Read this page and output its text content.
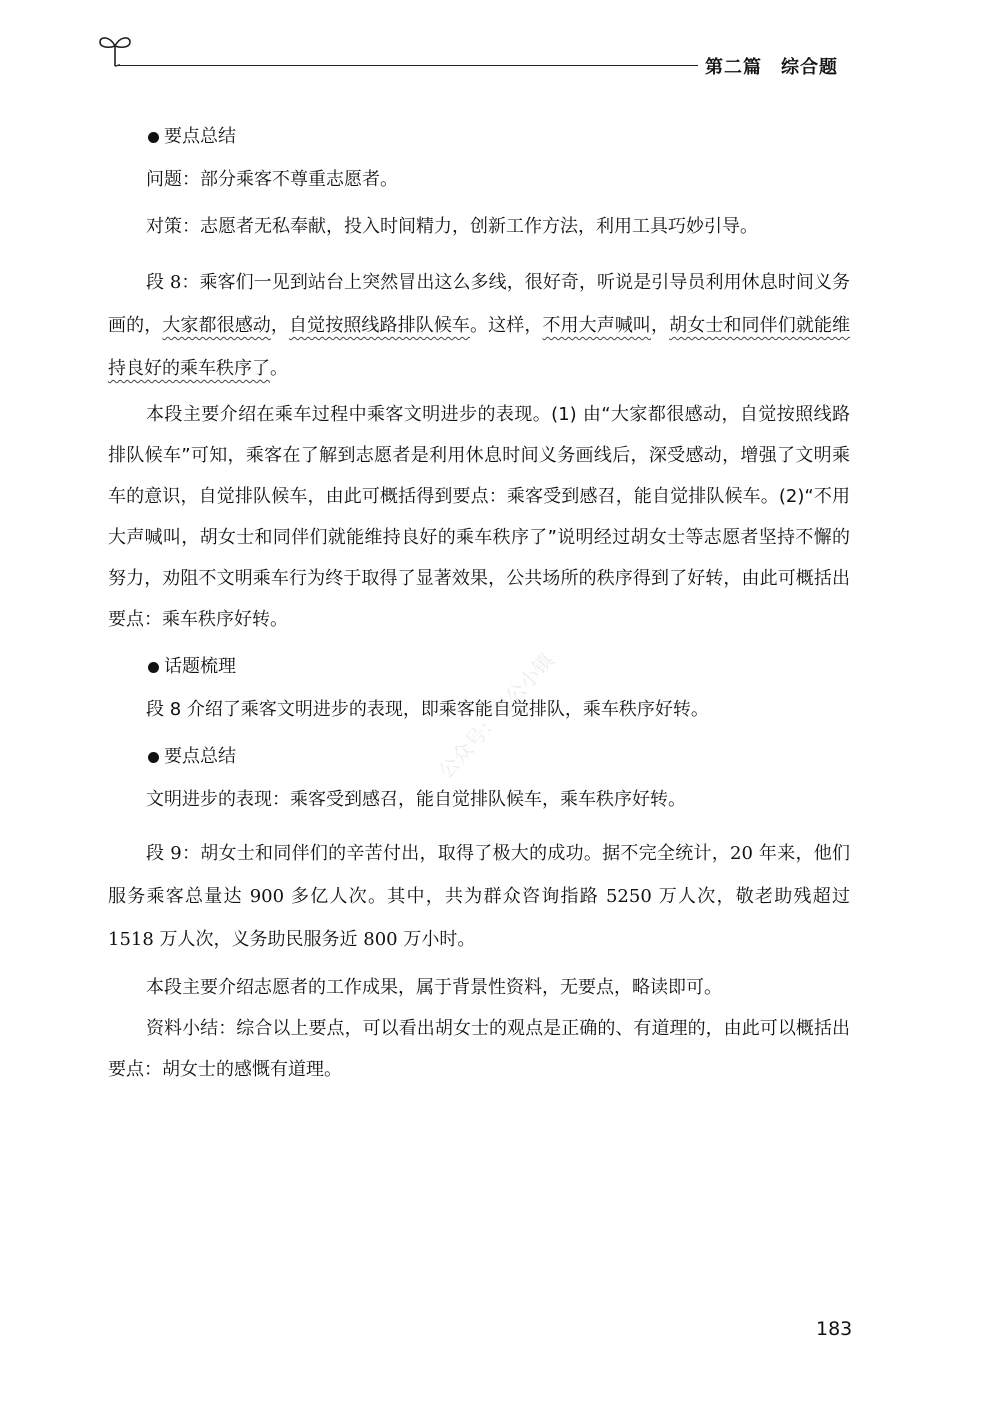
第二篇　综合题
公众号：考公小镇

要点总结

问题：部分乘客不尊重志愿者。

对策：志愿者无私奉献，投入时间精力，创新工作方法，利用工具巧妙引导。

段 8：乘客们一见到站台上突然冒出这么多线，很好奇，听说是引导员利用休息时间义务画的，大家都很感动，自觉按照线路排队候车。这样，不用大声喊叫，胡女士和同伴们就能维持良好的乘车秩序了。

本段主要介绍在乘车过程中乘客文明进步的表现。(1) 由“大家都很感动，自觉按照线路排队候车”可知，乘客在了解到志愿者是利用休息时间义务画线后，深受感动，增强了文明乘车的意识，自觉排队候车，由此可概括得到要点：乘客受到感召，能自觉排队候车。(2)“不用大声喊叫，胡女士和同伴们就能维持良好的乘车秩序了”说明经过胡女士等志愿者坚持不懈的努力，劝阻不文明乘车行为终于取得了显著效果，公共场所的秩序得到了好转，由此可概括出要点：乘车秩序好转。

话题梳理

段 8 介绍了乘客文明进步的表现，即乘客能自觉排队，乘车秩序好转。

要点总结

文明进步的表现：乘客受到感召，能自觉排队候车，乘车秩序好转。

段 9：胡女士和同伴们的辛苦付出，取得了极大的成功。据不完全统计，20 年来，他们服务乘客总量达 900 多亿人次。其中，共为群众咨询指路 5250 万人次，敬老助残超过 1518 万人次，义务助民服务近 800 万小时。

本段主要介绍志愿者的工作成果，属于背景性资料，无要点，略读即可。

资料小结：综合以上要点，可以看出胡女士的观点是正确的、有道理的，由此可以概括出要点：胡女士的感慨有道理。

183
